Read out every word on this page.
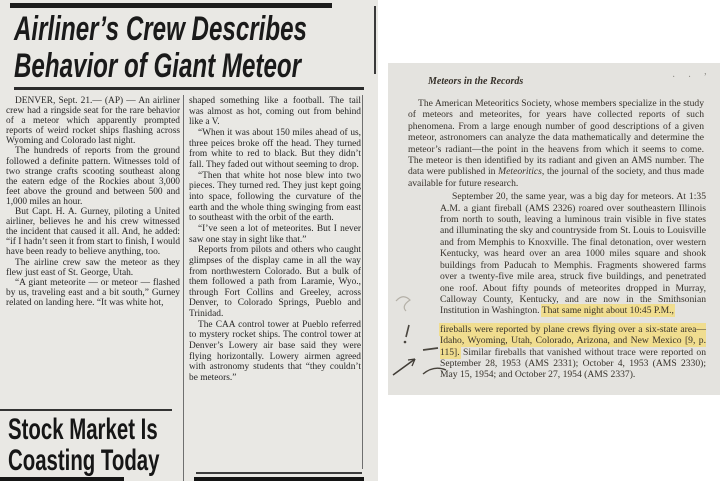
Airliner’s Crew Describes
Behavior of Giant Meteor

DENVER, Sept. 21.— (AP) — An airliner crew had a ringside seat for the rare behavior of a meteor which apparently prompted reports of weird rocket ships flashing across Wyoming and Colorado last night.

The hundreds of reports from the ground followed a definite pattern. Witnesses told of two strange crafts scooting southeast along the eatern edge of the Rockies about 3,000 feet above the ground and between 500 and 1,000 miles an hour.

But Capt. H. A. Gurney, piloting a United airliner, believes he and his crew witnessed the incident that caused it all. And, he added: “if I hadn’t seen it from start to finish, I would have been ready to believe anything, too.

The airline crew saw the meteor as they flew just east of St. George, Utah.

“A giant meteorite — or meteor — flashed by us, traveling east and a bit south,” Gurney related on landing here. “It was white hot,

shaped something like a football. The tail was almost as hot, coming out from behind like a V.

“When it was about 150 miles ahead of us, three peices broke off the head. They turned from white to red to black. But they didn’t fall. They faded out without seeming to drop.

“Then that white hot nose blew into two pieces. They turned red. They just kept going into space, following the curvature of the earth and the whole thing swinging from east to southeast with the orbit of the earth.

“I’ve seen a lot of meteorites. But I never saw one stay in sight like that.”

Reports from pilots and others who caught glimpses of the display came in all the way from northwestern Colorado. But a bulk of them followed a path from Laramie, Wyo., through Fort Collins and Greeley, across Denver, to Colorado Springs, Pueblo and Trinidad.

The CAA control tower at Pueblo referred to mystery rocket ships. The control tower at Denver’s Lowery air base said they were flying horizontally. Lowery airmen agreed with astronomy students that “they couldn’t be meteors.”

Stock Market Is
Coasting Today
· · ʼ
Meteors in the Records

The American Meteoritics Society, whose members specialize in the study of meteors and meteorites, for years have collected reports of such phenomena. From a large enough number of good descriptions of a given meteor, astronomers can analyze the data mathematically and determine the meteor’s radiant—the point in the heavens from which it seems to come. The meteor is then identified by its radiant and given an AMS number. The data were published in Meteoritics, the journal of the society, and thus made available for future research.

September 20, the same year, was a big day for meteors. At 1:35 A.M. a giant fireball (AMS 2326) roared over southeastern Illinois from north to south, leaving a luminous train visible in five states and illuminating the sky and countryside from St. Louis to Louisville and from Memphis to Knoxville. The final detonation, over western Kentucky, was heard over an area 1000 miles square and shook buildings from Paducah to Memphis. Fragments showered farms over a twenty-five mile area, struck five buildings, and penetrated one roof. About fifty pounds of meteorites dropped in Murray, Calloway County, Kentucky, and are now in the Smithsonian Institution in Washington. That same night about 10:45 P.M.,

fireballs were reported by plane crews flying over a six-state area—Idaho, Wyoming, Utah, Colorado, Arizona, and New Mexico [9, p. 115]. Similar fireballs that vanished without trace were reported on September 28, 1953 (AMS 2331); October 4, 1953 (AMS 2330); May 15, 1954; and October 27, 1954 (AMS 2337).
